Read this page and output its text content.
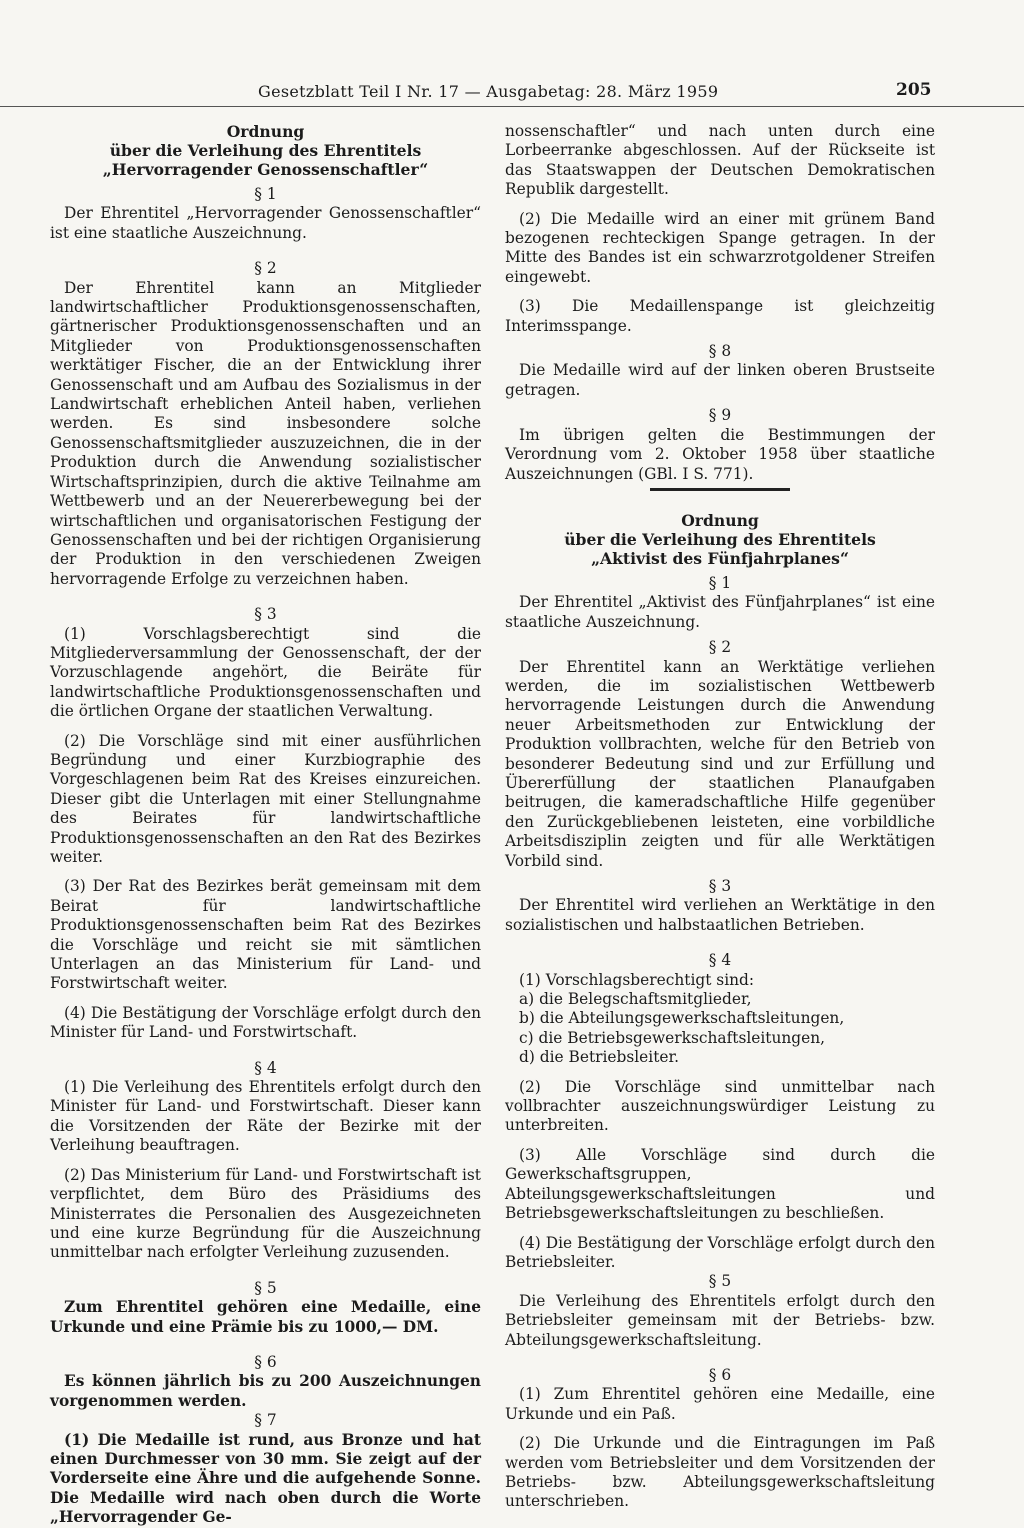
Gesetzblatt Teil I Nr. 17 — Ausgabetag: 28. März 1959	205
Ordnung
über die Verleihung des Ehrentitels
„Hervorragender Genossenschaftler“

§ 1

Der Ehrentitel „Hervorragender Genossenschaftler“ ist eine staatliche Auszeichnung.

§ 2

Der Ehrentitel kann an Mitglieder landwirtschaftlicher Produktionsgenossenschaften, gärtnerischer Produktionsgenossenschaften und an Mitglieder von Produktionsgenossenschaften werktätiger Fischer, die an der Entwicklung ihrer Genossenschaft und am Aufbau des Sozialismus in der Landwirtschaft erheblichen Anteil haben, verliehen werden. Es sind insbesondere solche Genossenschaftsmitglieder auszuzeichnen, die in der Produktion durch die Anwendung sozialistischer Wirtschaftsprinzipien, durch die aktive Teilnahme am Wettbewerb und an der Neuererbewegung bei der wirtschaftlichen und organisatorischen Festigung der Genossenschaften und bei der richtigen Organisierung der Produktion in den verschiedenen Zweigen hervorragende Erfolge zu verzeichnen haben.

§ 3

(1) Vorschlagsberechtigt sind die Mitgliederversammlung der Genossenschaft, der der Vorzuschlagende angehört, die Beiräte für landwirtschaftliche Produktionsgenossenschaften und die örtlichen Organe der staatlichen Verwaltung.

(2) Die Vorschläge sind mit einer ausführlichen Begründung und einer Kurzbiographie des Vorgeschlagenen beim Rat des Kreises einzureichen. Dieser gibt die Unterlagen mit einer Stellungnahme des Beirates für landwirtschaftliche Produktionsgenossenschaften an den Rat des Bezirkes weiter.

(3) Der Rat des Bezirkes berät gemeinsam mit dem Beirat für landwirtschaftliche Produktionsgenossenschaften beim Rat des Bezirkes die Vorschläge und reicht sie mit sämtlichen Unterlagen an das Ministerium für Land- und Forstwirtschaft weiter.

(4) Die Bestätigung der Vorschläge erfolgt durch den Minister für Land- und Forstwirtschaft.

§ 4

(1) Die Verleihung des Ehrentitels erfolgt durch den Minister für Land- und Forstwirtschaft. Dieser kann die Vorsitzenden der Räte der Bezirke mit der Verleihung beauftragen.

(2) Das Ministerium für Land- und Forstwirtschaft ist verpflichtet, dem Büro des Präsidiums des Ministerrates die Personalien des Ausgezeichneten und eine kurze Begründung für die Auszeichnung unmittelbar nach erfolgter Verleihung zuzusenden.

§ 5

Zum Ehrentitel gehören eine Medaille, eine Urkunde und eine Prämie bis zu 1000,— DM.

§ 6

Es können jährlich bis zu 200 Auszeichnungen vorgenommen werden.

§ 7

(1) Die Medaille ist rund, aus Bronze und hat einen Durchmesser von 30 mm. Sie zeigt auf der Vorderseite eine Ähre und die aufgehende Sonne. Die Medaille wird nach oben durch die Worte „Hervorragender Ge-

nossenschaftler“ und nach unten durch eine Lorbeerranke abgeschlossen. Auf der Rückseite ist das Staatswappen der Deutschen Demokratischen Republik dargestellt.

(2) Die Medaille wird an einer mit grünem Band bezogenen rechteckigen Spange getragen. In der Mitte des Bandes ist ein schwarzrotgoldener Streifen eingewebt.

(3) Die Medaillenspange ist gleichzeitig Interimsspange.

§ 8

Die Medaille wird auf der linken oberen Brustseite getragen.

§ 9

Im übrigen gelten die Bestimmungen der Verordnung vom 2. Oktober 1958 über staatliche Auszeichnungen (GBl. I S. 771).

Ordnung
über die Verleihung des Ehrentitels
„Aktivist des Fünfjahrplanes“

§ 1

Der Ehrentitel „Aktivist des Fünfjahrplanes“ ist eine staatliche Auszeichnung.

§ 2

Der Ehrentitel kann an Werktätige verliehen werden, die im sozialistischen Wettbewerb hervorragende Leistungen durch die Anwendung neuer Arbeitsmethoden zur Entwicklung der Produktion vollbrachten, welche für den Betrieb von besonderer Bedeutung sind und zur Erfüllung und Übererfüllung der staatlichen Planaufgaben beitrugen, die kameradschaftliche Hilfe gegenüber den Zurückgebliebenen leisteten, eine vorbildliche Arbeitsdisziplin zeigten und für alle Werktätigen Vorbild sind.

§ 3

Der Ehrentitel wird verliehen an Werktätige in den sozialistischen und halbstaatlichen Betrieben.

§ 4

(1) Vorschlagsberechtigt sind:

a) die Belegschaftsmitglieder,

b) die Abteilungsgewerkschaftsleitungen,

c) die Betriebsgewerkschaftsleitungen,

d) die Betriebsleiter.

(2) Die Vorschläge sind unmittelbar nach vollbrachter auszeichnungswürdiger Leistung zu unterbreiten.

(3) Alle Vorschläge sind durch die Gewerkschaftsgruppen, Abteilungsgewerkschaftsleitungen und Betriebsgewerkschaftsleitungen zu beschließen.

(4) Die Bestätigung der Vorschläge erfolgt durch den Betriebsleiter.

§ 5

Die Verleihung des Ehrentitels erfolgt durch den Betriebsleiter gemeinsam mit der Betriebs- bzw. Abteilungsgewerkschaftsleitung.

§ 6

(1) Zum Ehrentitel gehören eine Medaille, eine Urkunde und ein Paß.

(2) Die Urkunde und die Eintragungen im Paß werden vom Betriebsleiter und dem Vorsitzenden der Betriebs- bzw. Abteilungsgewerkschaftsleitung unterschrieben.
